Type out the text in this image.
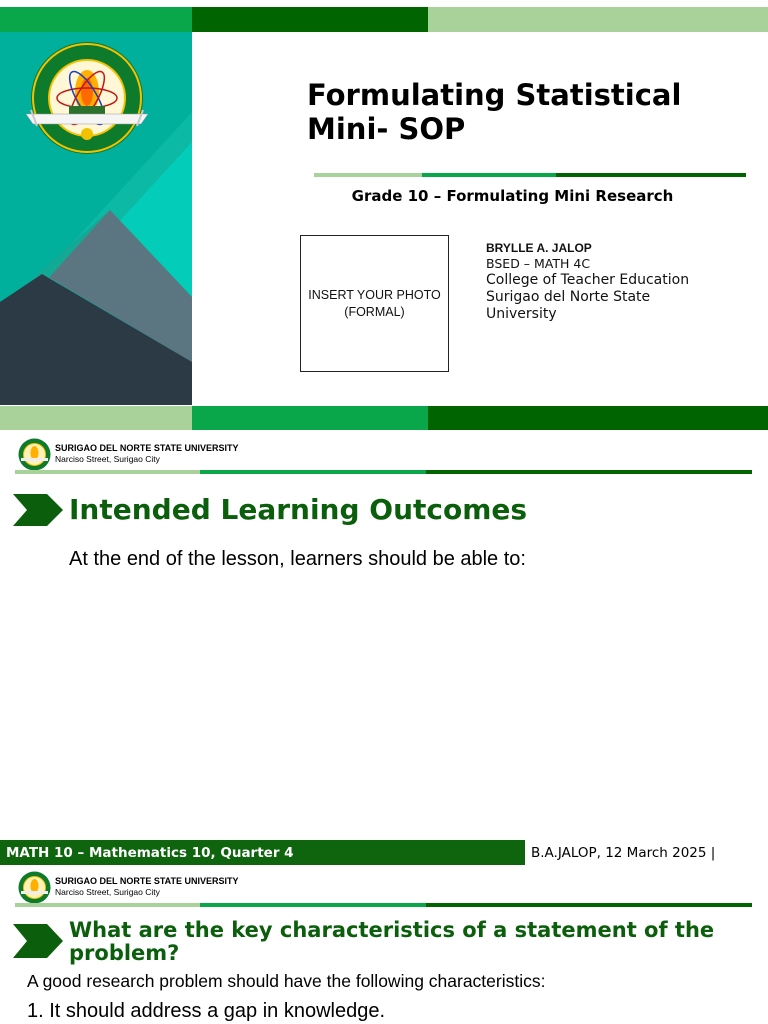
Formulating Statistical Mini- SOP
Grade 10 – Formulating Mini Research
INSERT YOUR PHOTO
(FORMAL)
BRYLLE A. JALOP
BSED – MATH 4C
College of Teacher Education
Surigao del Norte State University
SURIGAO DEL NORTE STATE UNIVERSITY
Narciso Street, Surigao City
Intended Learning Outcomes
At the end of the lesson, learners should be able to:
MATH 10 – Mathematics 10, Quarter 4	B.A.JALOP, 12 March 2025 |
SURIGAO DEL NORTE STATE UNIVERSITY
Narciso Street, Surigao City
What are the key characteristics of a statement of the problem?
A good research problem should have the following characteristics:
1. It should address a gap in knowledge.
